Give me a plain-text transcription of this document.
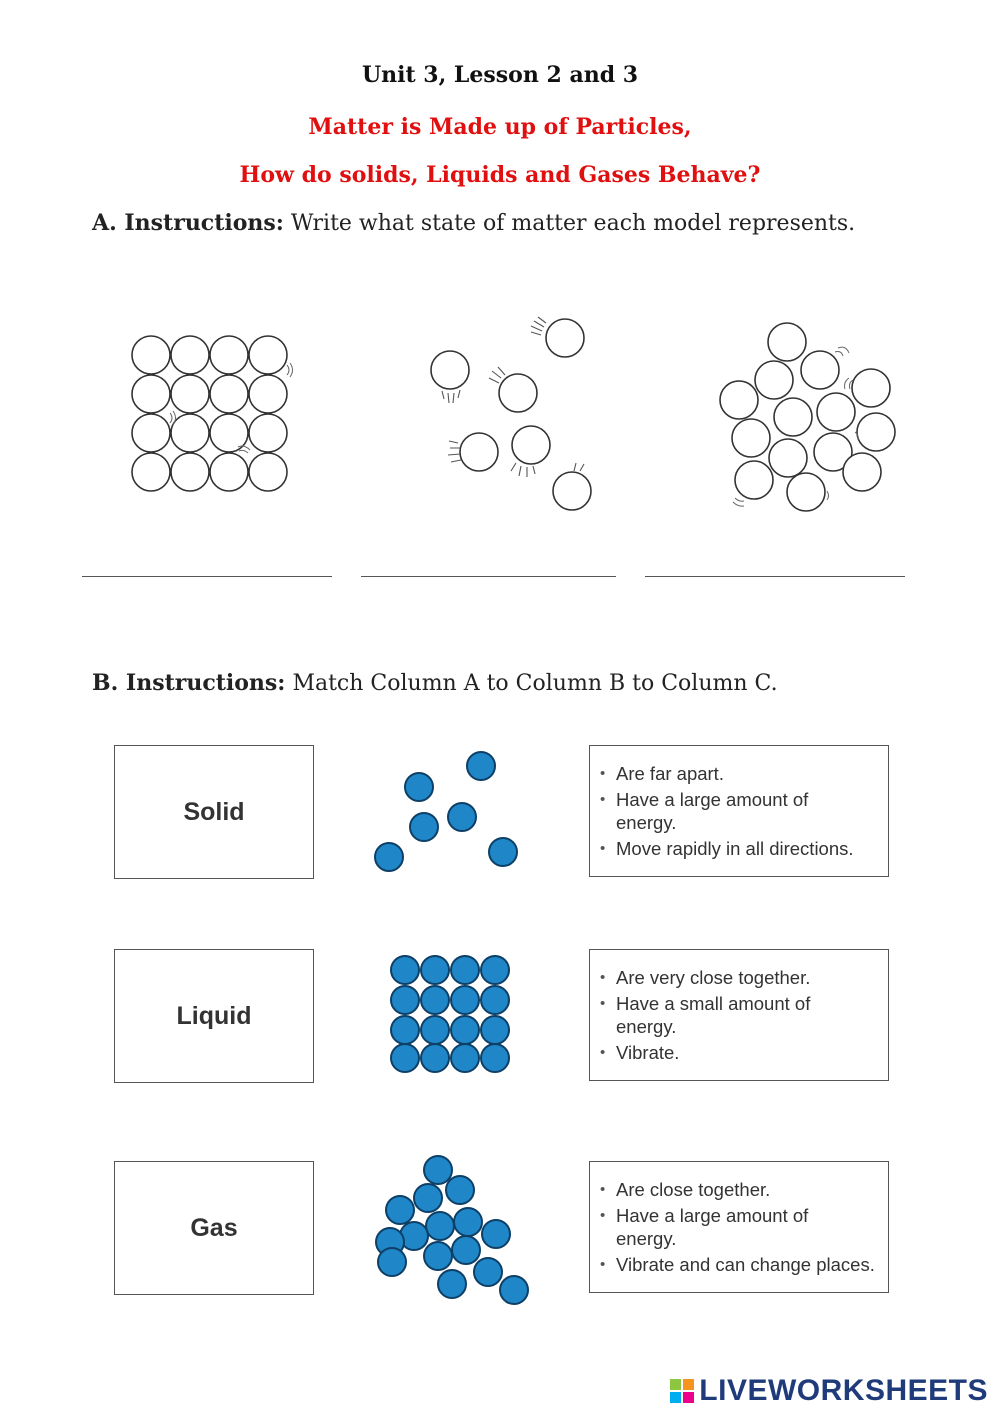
Unit 3, Lesson 2 and 3
Matter is Made up of Particles,
How do solids, Liquids and Gases Behave?
A. Instructions: Write what state of matter each model represents.
B. Instructions: Match Column A to Column B to Column C.
Solid
Liquid
Gas
• Are far apart.
• Have a large amount of energy.
• Move rapidly in all directions.
• Are very close together.
• Have a small amount of energy.
• Vibrate.
• Are close together.
• Have a large amount of energy.
• Vibrate and can change places.
LIVEWORKSHEETS
